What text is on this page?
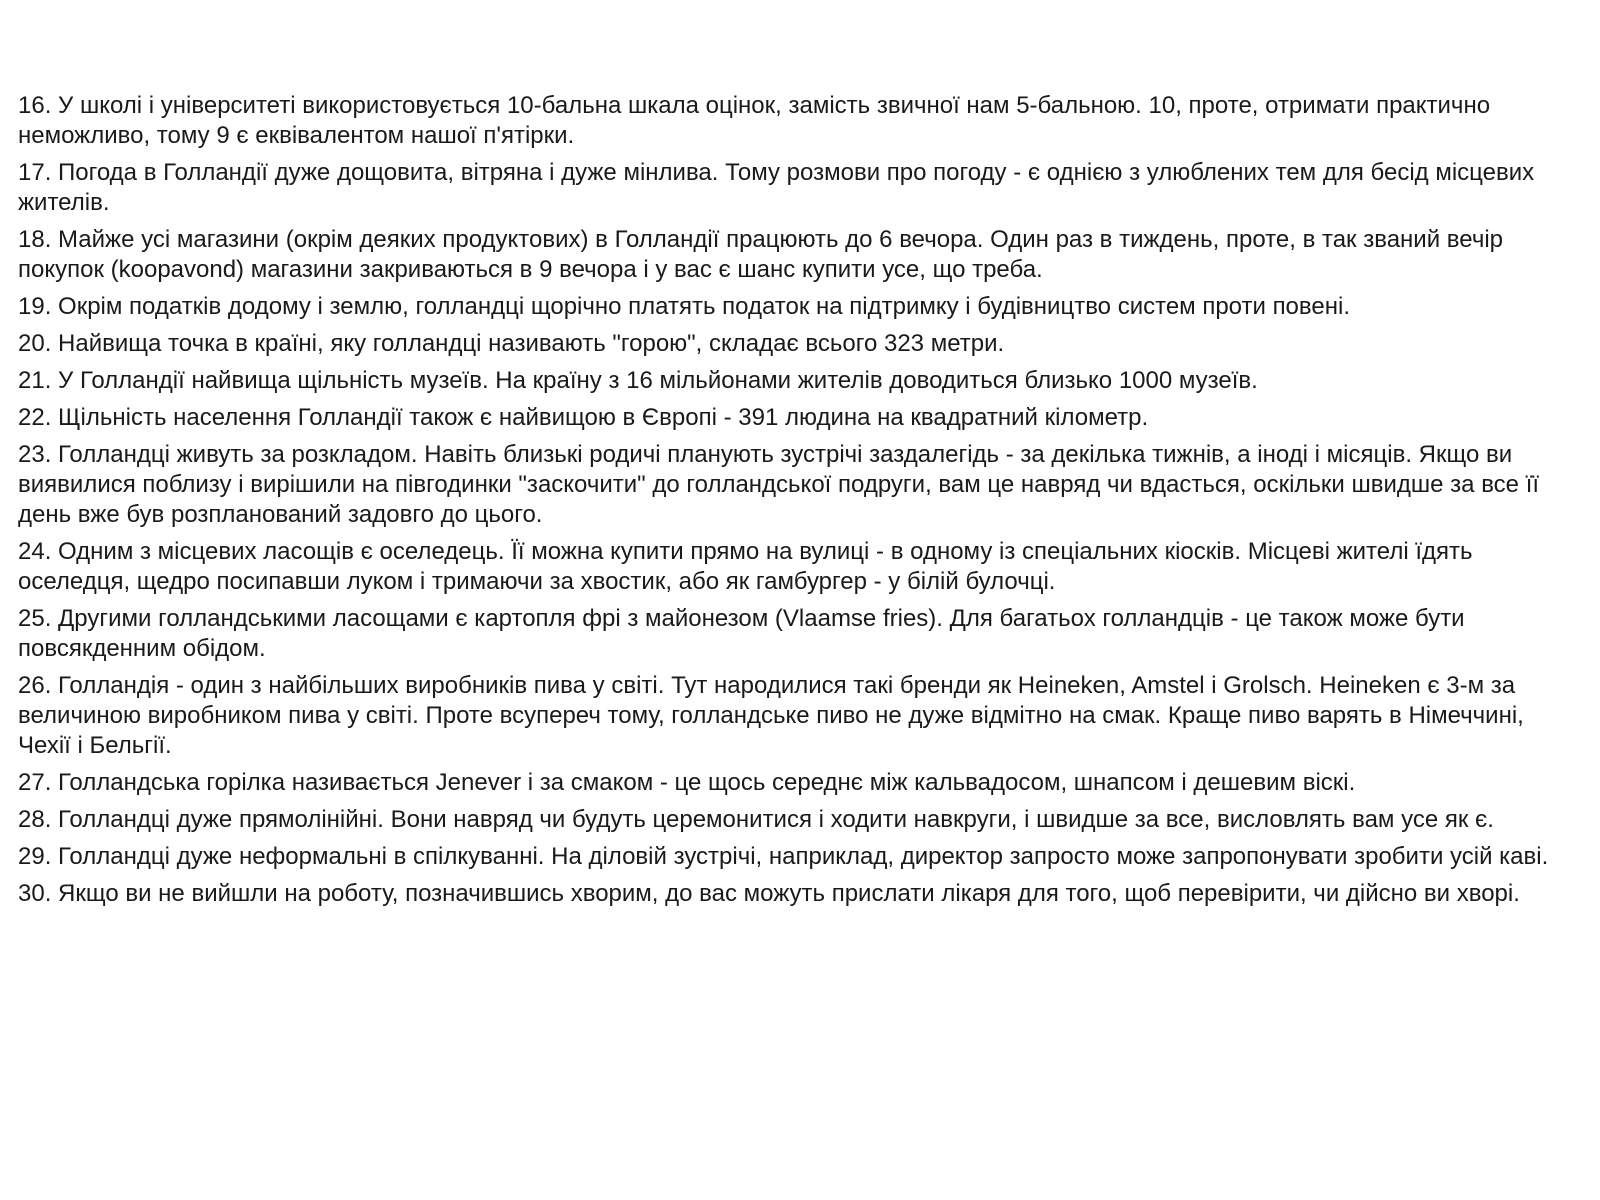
16. У школі і університеті використовується 10-бальна шкала оцінок, замість звичної нам 5-бальною. 10, проте, отримати практично неможливо, тому 9 є еквівалентом нашої п'ятірки.
17. Погода в Голландії дуже дощовита, вітряна і дуже мінлива. Тому розмови про погоду - є однією з улюблених тем для бесід місцевих жителів.
18. Майже усі магазини (окрім деяких продуктових) в Голландії працюють до 6 вечора. Один раз в тиждень, проте, в так званий вечір покупок (koopavond) магазини закриваються в 9 вечора і у вас є шанс купити усе, що треба.
19. Окрім податків додому і землю, голландці щорічно платять податок на підтримку і будівництво систем проти повені.
20. Найвища точка в країні, яку голландці називають "горою", складає всього 323 метри.
21. У Голландії найвища щільність музеїв. На країну з 16 мільйонами жителів доводиться близько 1000 музеїв.
22. Щільність населення Голландії також є найвищою в Європі - 391 людина на квадратний кілометр.
23. Голландці живуть за розкладом. Навіть близькі родичі планують зустрічі заздалегідь - за декілька тижнів, а іноді і місяців. Якщо ви виявилися поблизу і вирішили на півгодинки "заскочити" до голландської подруги, вам це навряд чи вдасться, оскільки швидше за все її день вже був розпланований задовго до цього.
24. Одним з місцевих ласощів є оселедець. Її можна купити прямо на вулиці - в одному із спеціальних кіосків. Місцеві жителі їдять оселедця, щедро посипавши луком і тримаючи за хвостик, або як гамбургер - у білій булочці.
25. Другими голландськими ласощами є картопля фрі з майонезом (Vlaamse fries). Для багатьох голландців - це також може бути повсякденним обідом.
26. Голландія - один з найбільших виробників пива у світі. Тут народилися такі бренди як Heineken, Amstel і Grolsch. Heineken є 3-м за величиною виробником пива у світі. Проте всупереч тому, голландське пиво не дуже відмітно на смак. Краще пиво варять в Німеччині, Чехії і Бельгії.
27. Голландська горілка називається Jenever і за смаком - це щось середнє між кальвадосом, шнапсом і дешевим віскі.
28. Голландці дуже прямолінійні. Вони навряд чи будуть церемонитися і ходити навкруги, і швидше за все, висловлять вам усе як є.
29. Голландці дуже неформальні в спілкуванні. На діловій зустрічі, наприклад, директор запросто може запропонувати зробити усій каві.
30. Якщо ви не вийшли на роботу, позначившись хворим, до вас можуть прислати лікаря для того, щоб перевірити, чи дійсно ви хворі.
